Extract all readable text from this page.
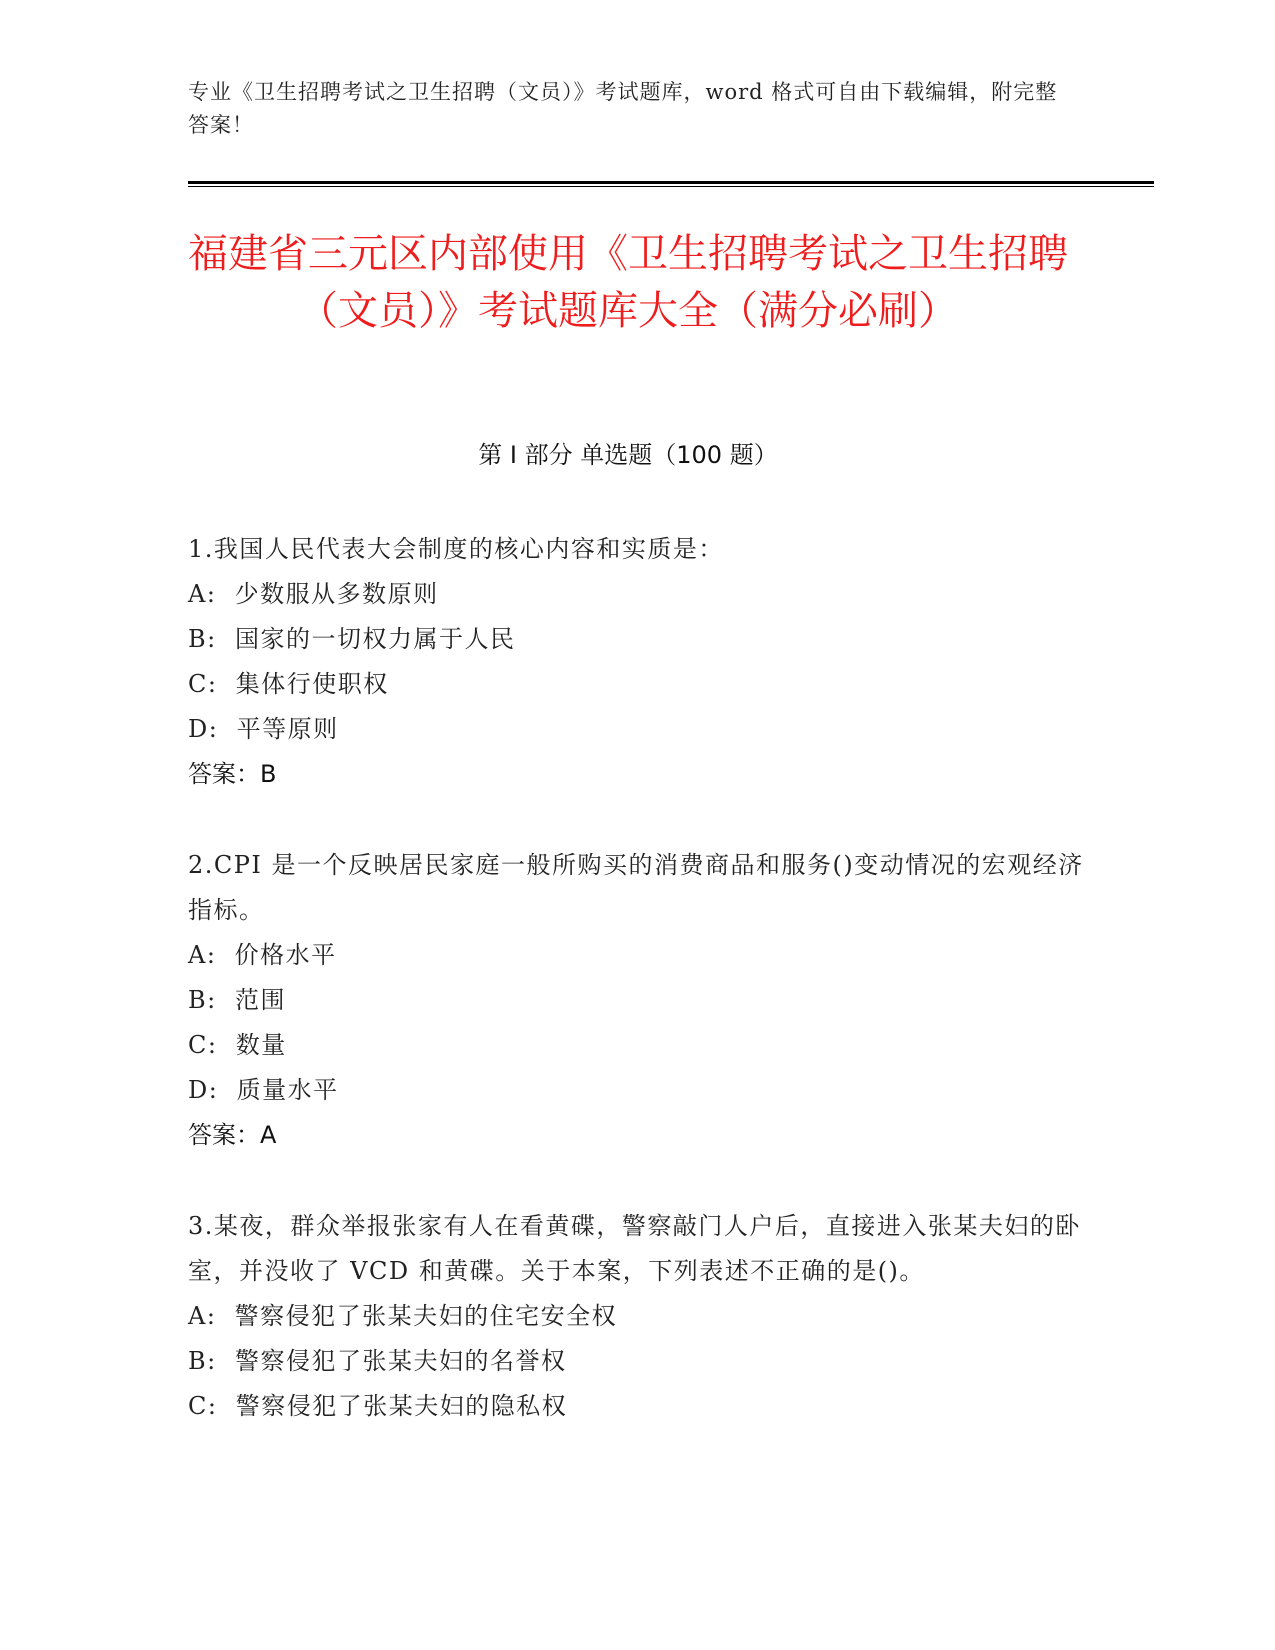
专业《卫生招聘考试之卫生招聘（文员）》考试题库，word 格式可自由下载编辑，附完整答案！

福建省三元区内部使用《卫生招聘考试之卫生招聘（文员）》考试题库大全（满分必刷）
第 I 部分 单选题（100 题）

1.我国人民代表大会制度的核心内容和实质是：

A:  少数服从多数原则

B:  国家的一切权力属于人民

C:  集体行使职权

D:  平等原则

答案：B

2.CPI 是一个反映居民家庭一般所购买的消费商品和服务()变动情况的宏观经济指标。

A:  价格水平

B:  范围

C:  数量

D:  质量水平

答案：A

3.某夜，群众举报张家有人在看黄碟，警察敲门人户后，直接进入张某夫妇的卧室，并没收了 VCD 和黄碟。关于本案，下列表述不正确的是()。

A:  警察侵犯了张某夫妇的住宅安全权

B:  警察侵犯了张某夫妇的名誉权

C:  警察侵犯了张某夫妇的隐私权
